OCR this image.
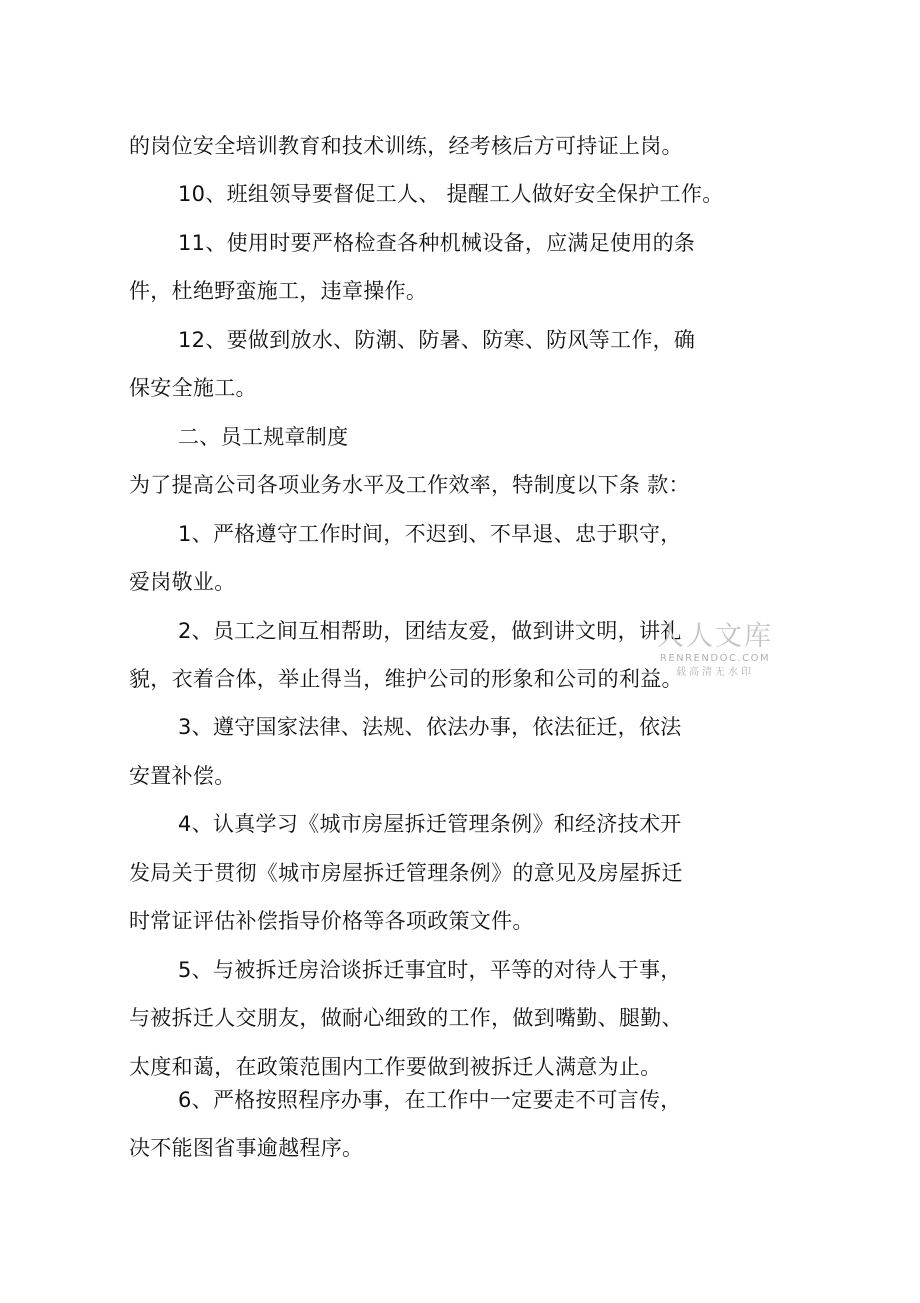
的岗位安全培训教育和技术训练，经考核后方可持证上岗。
10、班组领导要督促工人、 提醒工人做好安全保护工作。
11、使用时要严格检查各种机械设备，应满足使用的条
件，杜绝野蛮施工，违章操作。
12、要做到放水、防潮、防暑、防寒、防风等工作，确
保安全施工。
二、员工规章制度
为了提高公司各项业务水平及工作效率，特制度以下条 款：
1、严格遵守工作时间，不迟到、不早退、忠于职守，
爱岗敬业。
2、员工之间互相帮助，团结友爱，做到讲文明，讲礼
貌，衣着合体，举止得当，维护公司的形象和公司的利益。
3、遵守国家法律、法规、依法办事，依法征迁，依法
安置补偿。
4、认真学习《城市房屋拆迁管理条例》和经济技术开
发局关于贯彻《城市房屋拆迁管理条例》的意见及房屋拆迁
时常证评估补偿指导价格等各项政策文件。
5、与被拆迁房洽谈拆迁事宜时，平等的对待人于事，
与被拆迁人交朋友，做耐心细致的工作，做到嘴勤、腿勤、
太度和蔼，在政策范围内工作要做到被拆迁人满意为止。
6、严格按照程序办事，在工作中一定要走不可言传，
决不能图省事逾越程序。
人人文库
RENRENDOC.COM
载高清无水印
